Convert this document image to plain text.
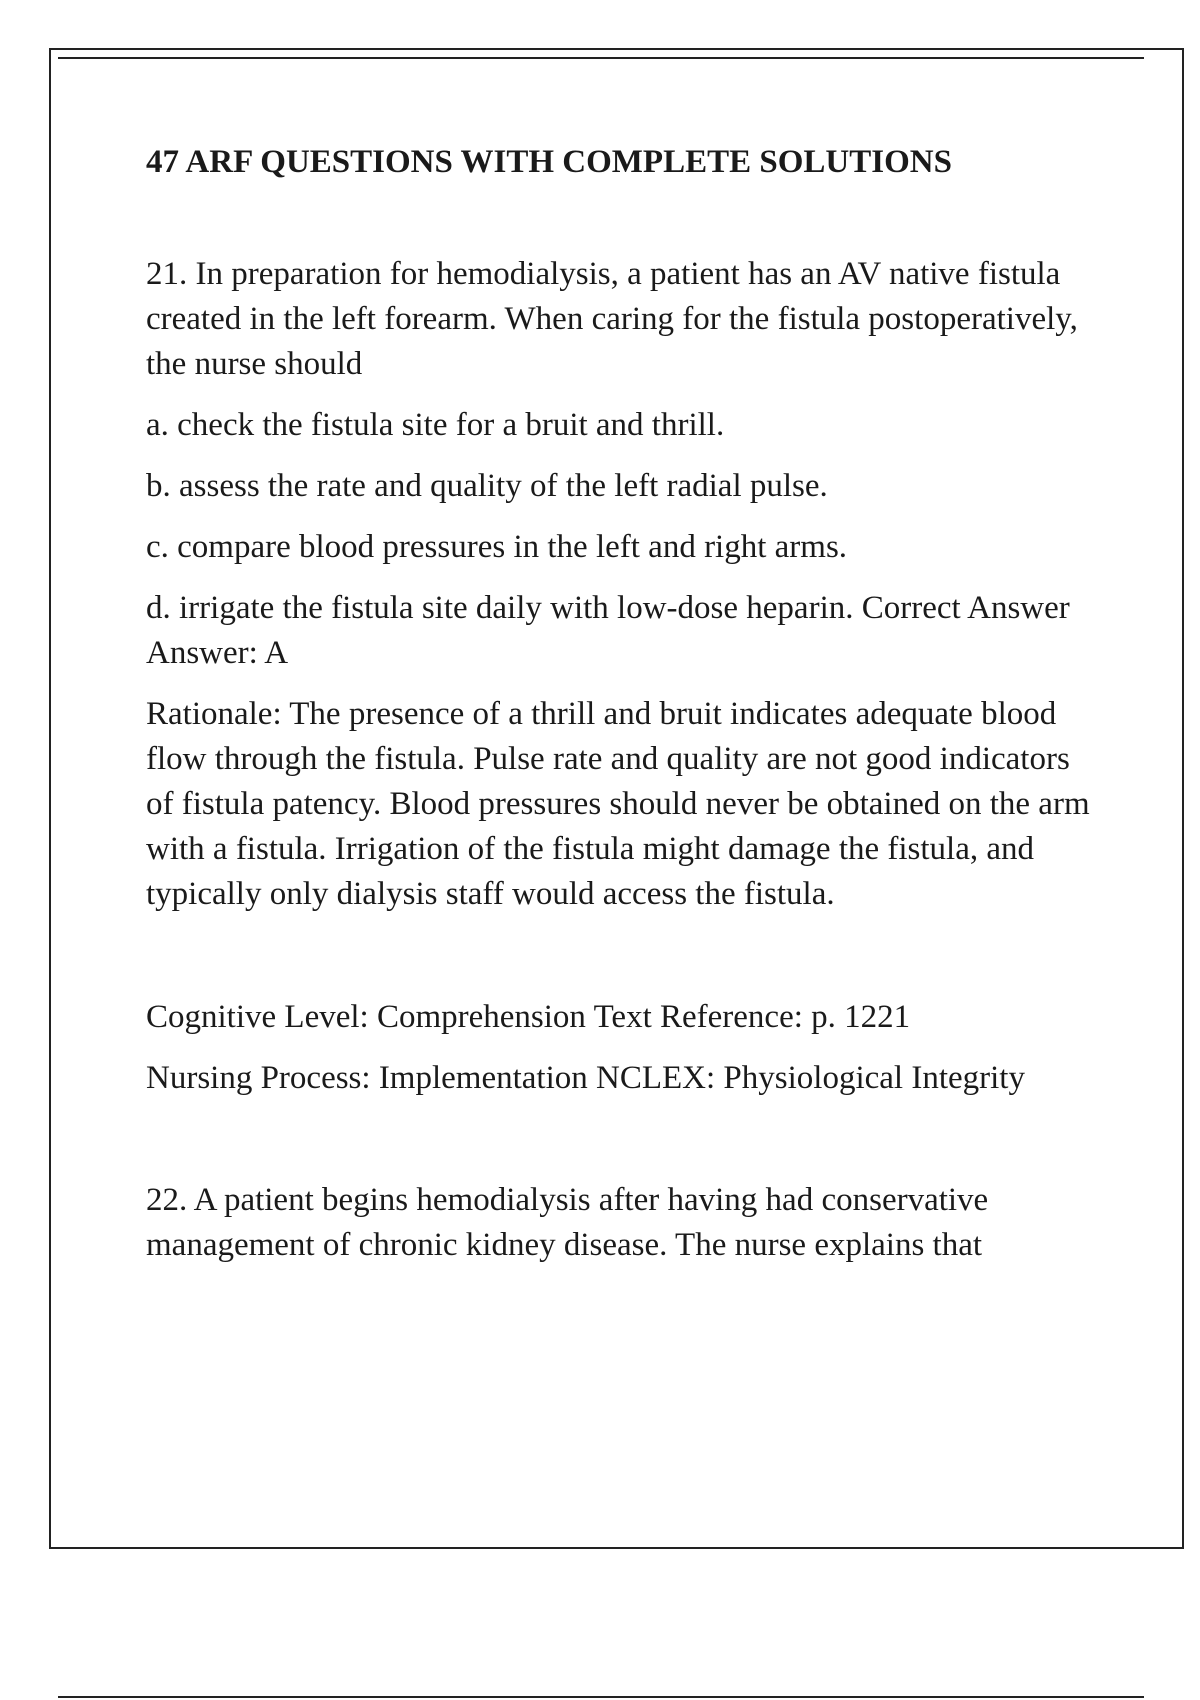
47 ARF QUESTIONS WITH COMPLETE SOLUTIONS

21. In preparation for hemodialysis, a patient has an AV native fistula created in the left forearm. When caring for the fistula postoperatively, the nurse should

a. check the fistula site for a bruit and thrill.

b. assess the rate and quality of the left radial pulse.

c. compare blood pressures in the left and right arms.

d. irrigate the fistula site daily with low-dose heparin. Correct Answer Answer: A

Rationale: The presence of a thrill and bruit indicates adequate blood flow through the fistula. Pulse rate and quality are not good indicators of fistula patency. Blood pressures should never be obtained on the arm with a fistula. Irrigation of the fistula might damage the fistula, and typically only dialysis staff would access the fistula.

Cognitive Level: Comprehension Text Reference: p. 1221

Nursing Process: Implementation NCLEX: Physiological Integrity

22. A patient begins hemodialysis after having had conservative management of chronic kidney disease. The nurse explains that
